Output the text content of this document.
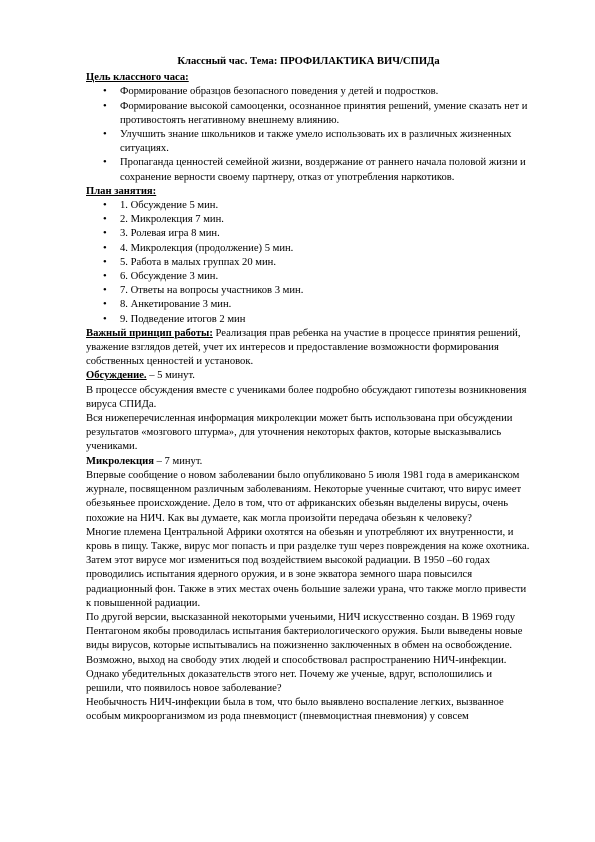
Классный час. Тема: ПРОФИЛАКТИКА ВИЧ/СПИДа

Цель классного часа:

• Формирование образцов безопасного поведения у детей и подростков.
• Формирование высокой самооценки, осознанное принятия решений, умение сказать нет и противостоять негативному внешнему влиянию.
• Улучшить знание школьников и также умело использовать их в различных жизненных ситуациях.
• Пропаганда ценностей семейной жизни, воздержание от раннего начала половой жизни и сохранение верности своему партнеру, отказ от употребления наркотиков.

План занятия:

• 1. Обсуждение 5 мин.
• 2. Микролекция 7 мин.
• 3. Ролевая игра 8 мин.
• 4. Микролекция (продолжение) 5 мин.
• 5. Работа в малых группах 20 мин.
• 6. Обсуждение 3 мин.
• 7. Ответы на вопросы участников 3 мин.
• 8. Анкетирование 3 мин.
• 9. Подведение итогов 2 мин

Важный принцип работы: Реализация прав ребенка на участие в процессе принятия решений, уважение взглядов детей, учет их интересов и предоставление возможности формирования собственных ценностей и установок.

Обсуждение. – 5 минут.

В процессе обсуждения вместе с учениками более подробно обсуждают гипотезы возникновения вируса СПИДа.

Вся нижеперечисленная информация микролекции может быть использована при обсуждении результатов «мозгового штурма», для уточнения некоторых фактов, которые высказывались учениками.

Микролекция – 7 минут.

Впервые сообщение о новом заболевании было опубликовано 5 июля 1981 года в американском журнале, посвященном различным заболеваниям. Некоторые ученные считают, что вирус имеет обезьяньее происхождение. Дело в том, что от африканских обезьян выделены вирусы, очень похожие на НИЧ. Как вы думаете, как могла произойти передача обезьян к человеку?

Многие племена Центральной Африки охотятся на обезьян и употребляют их внутренности, и кровь в пищу. Также, вирус мог попасть и при разделке туш через повреждения на коже охотника.

Затем этот вирусе мог измениться под воздействием высокой радиации. В 1950 –60 годах проводились испытания ядерного оружия, и в зоне экватора земного шара повысился радиационный фон. Также в этих местах очень большие залежи урана, что также могло привести к повышенной радиации.

По другой версии, высказанной некоторыми ученьими, НИЧ искусственно создан. В 1969 году Пентагоном якобы проводилась испытания бактериологического оружия. Были выведены новые виды вирусов, которые испытывались на пожизненно заключенных в обмен на освобождение. Возможно, выход на свободу этих людей и способствовал распространению НИЧ-инфекции. Однако убедительных доказательств этого нет. Почему же ученые, вдруг, всполошились и решили, что появилось новое заболевание?

Необычность НИЧ-инфекции была в том, что было выявлено воспаление легких, вызванное особым микроорганизмом из рода пневмоцист (пневмоцистная пневмония) у совсем
